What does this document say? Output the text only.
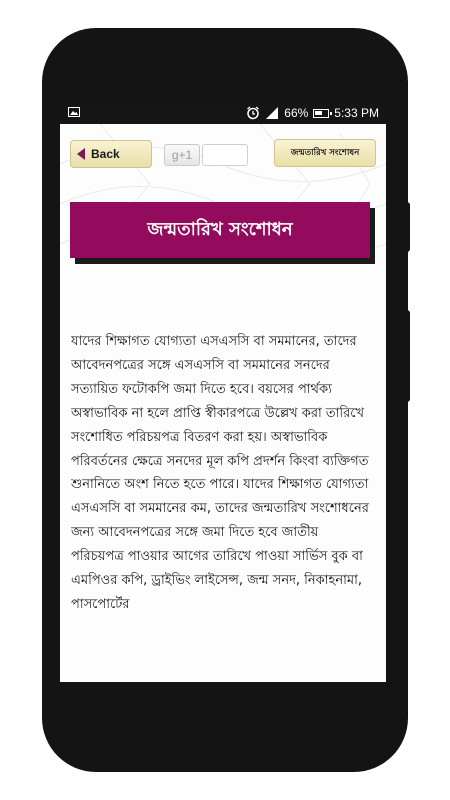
66% 5:33 PM
Back	g+1	জন্মতারিখ সংশোধন
জন্মতারিখ সংশোধন

যাদের শিক্ষাগত যোগ্যতা এসএসসি বা সমমানের, তাদের আবেদনপত্রের সঙ্গে এসএসসি বা সমমানের সনদের সত্যায়িত ফটোকপি জমা দিতে হবে। বয়সের পার্থক্য অস্বাভাবিক না হলে প্রাপ্তি স্বীকারপত্রে উল্লেখ করা তারিখে সংশোধিত পরিচয়পত্র বিতরণ করা হয়। অস্বাভাবিক পরিবর্তনের ক্ষেত্রে সনদের মূল কপি প্রদর্শন কিংবা ব্যক্তিগত শুনানিতে অংশ নিতে হতে পারে। যাদের শিক্ষাগত যোগ্যতা এসএসসি বা সমমানের কম, তাদের জন্মতারিখ সংশোধনের জন্য আবেদনপত্রের সঙ্গে জমা দিতে হবে জাতীয় পরিচয়পত্র পাওয়ার আগের তারিখে পাওয়া সার্ভিস বুক বা এমপিওর কপি, ড্রাইভিং লাইসেন্স, জন্ম সনদ, নিকাহনামা, পাসপোর্টের
